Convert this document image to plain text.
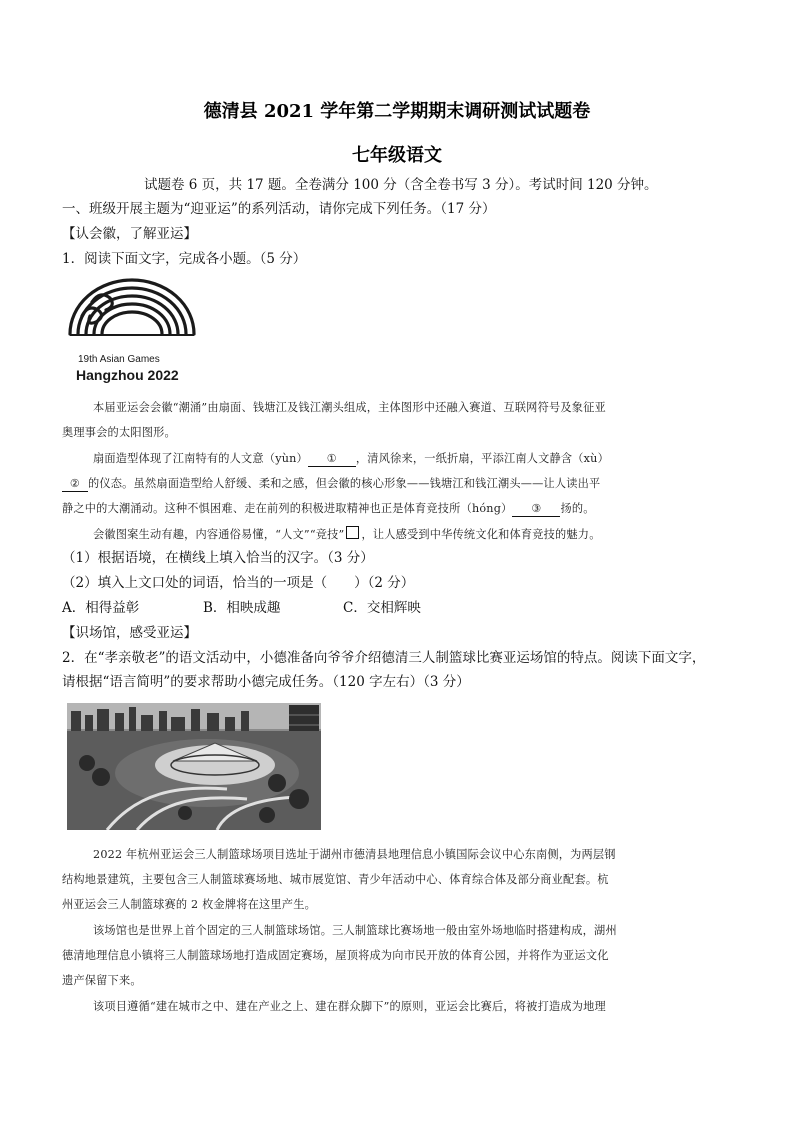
德清县 2021 学年第二学期期末调研测试试题卷
七年级语文
试题卷 6 页，共 17 题。全卷满分 100 分（含全卷书写 3 分）。考试时间 120 分钟。
一、班级开展主题为“迎亚运”的系列活动，请你完成下列任务。（17 分）
【认会徽，了解亚运】
1．阅读下面文字，完成各小题。（5 分）
19th Asian Games
Hangzhou 2022
本届亚运会会徽“潮涌”由扇面、钱塘江及钱江潮头组成，主体图形中还融入赛道、互联网符号及象征亚
奥理事会的太阳图形。
扇面造型体现了江南特有的人文意（yùn） ① ，清风徐来，一纸折扇，平添江南人文静含（xù）
② 的仪态。虽然扇面造型给人舒缓、柔和之感，但会徽的核心形象——钱塘江和钱江潮头——让人读出平
静之中的大潮涌动。这种不惧困难、走在前列的积极进取精神也正是体育竞技所（hóng） ③ 扬的。
会徽图案生动有趣，内容通俗易懂，“人文”“竞技” ，让人感受到中华传统文化和体育竞技的魅力。
（1）根据语境，在横线上填入恰当的汉字。（3 分）
（2）填入上文口处的词语，恰当的一项是（　　）（2 分）
A．相得益彰	B．相映成趣	C．交相辉映
【识场馆，感受亚运】
2．在“孝亲敬老”的语文活动中，小德准备向爷爷介绍德清三人制篮球比赛亚运场馆的特点。阅读下面文字，
请根据“语言简明”的要求帮助小德完成任务。（120 字左右）（3 分）
2022 年杭州亚运会三人制篮球场项目选址于湖州市德清县地理信息小镇国际会议中心东南侧，为两层钢
结构地景建筑，主要包含三人制篮球赛场地、城市展览馆、青少年活动中心、体育综合体及部分商业配套。杭
州亚运会三人制篮球赛的 2 枚金牌将在这里产生。
该场馆也是世界上首个固定的三人制篮球场馆。三人制篮球比赛场地一般由室外场地临时搭建构成，湖州
德清地理信息小镇将三人制篮球场地打造成固定赛场，屋顶将成为向市民开放的体育公园，并将作为亚运文化
遗产保留下来。
该项目遵循“建在城市之中、建在产业之上、建在群众脚下”的原则，亚运会比赛后，将被打造成为地理
